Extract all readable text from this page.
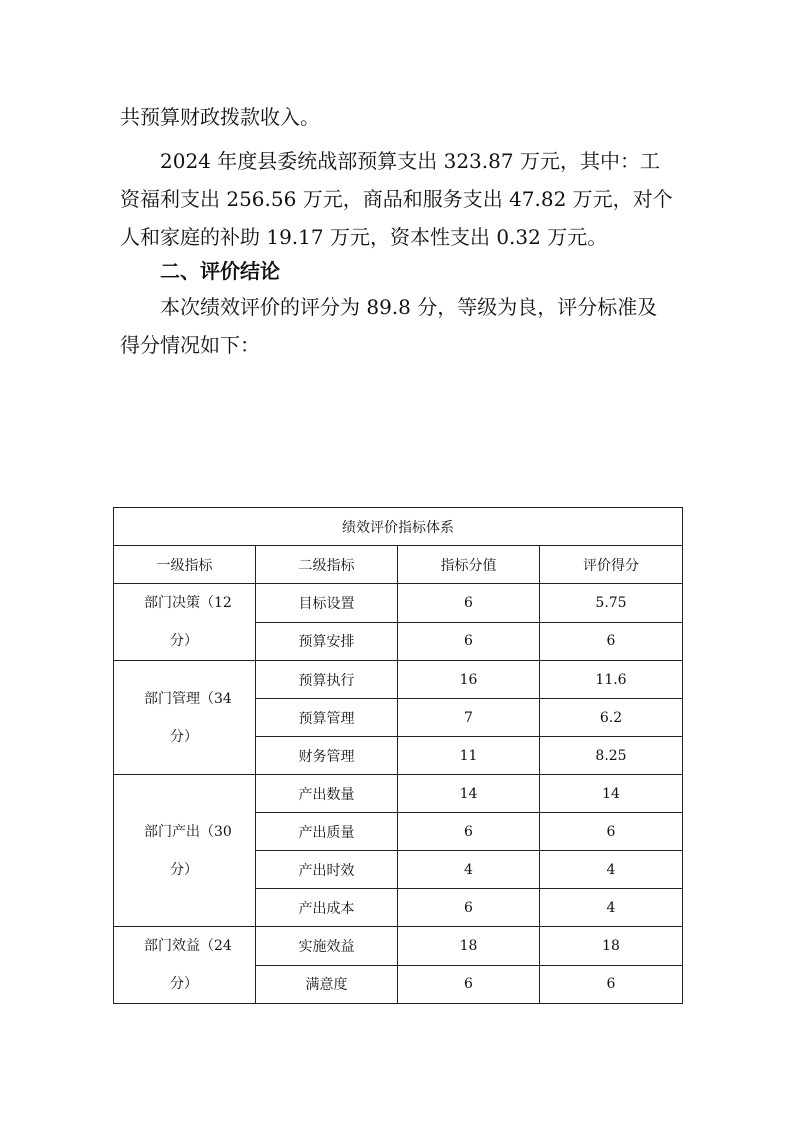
共预算财政拨款收入。

2024 年度县委统战部预算支出 323.87 万元，其中：工
资福利支出 256.56 万元，商品和服务支出 47.82 万元，对个
人和家庭的补助 19.17 万元，资本性支出 0.32 万元。

二、评价结论

本次绩效评价的评分为 89.8 分，等级为良，评分标准及
得分情况如下：

绩效评价指标体系			
一级指标	二级指标	指标分值	评价得分

部门决策（12
分）	目标设置	6	5.75
	预算安排	6	6

部门管理（34
分）	预算执行	16	11.6
	预算管理	7	6.2
	财务管理	11	8.25

部门产出（30
分）	产出数量	14	14
	产出质量	6	6
	产出时效	4	4
	产出成本	6	4

部门效益（24
分）	实施效益	18	18
	满意度	6	6
